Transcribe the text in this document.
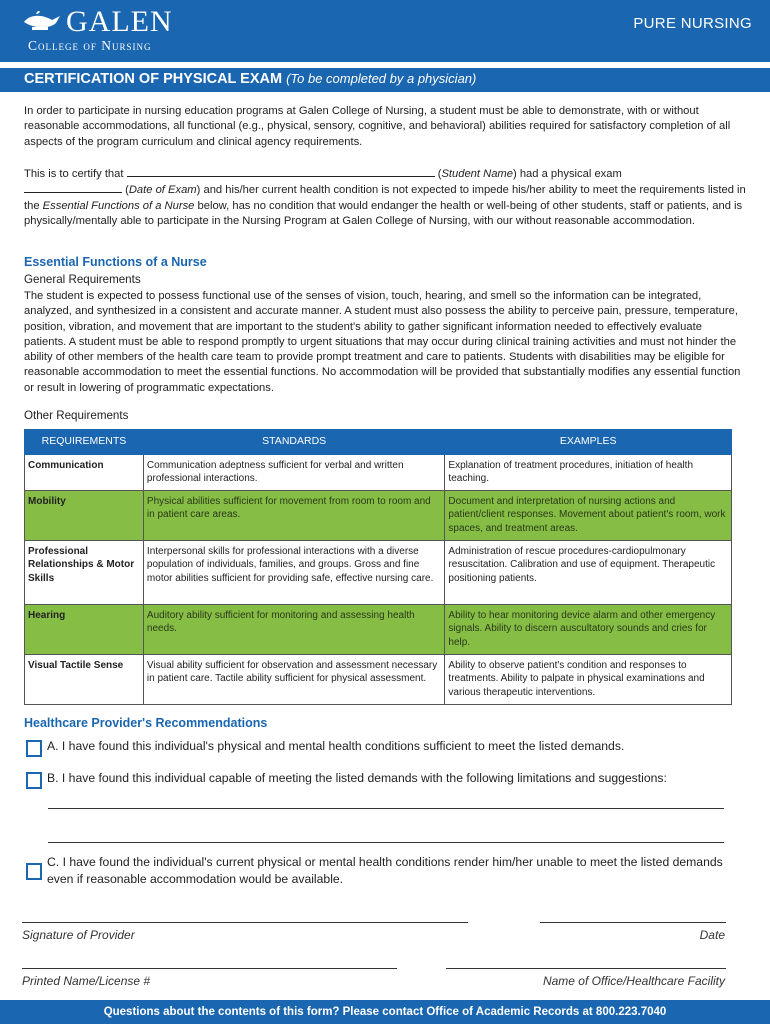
GALEN
College of Nursing
PURE NURSING
CERTIFICATION OF PHYSICAL EXAM (To be completed by a physician)
In order to participate in nursing education programs at Galen College of Nursing, a student must be able to demonstrate, with or without reasonable accommodations, all functional (e.g., physical, sensory, cognitive, and behavioral) abilities required for satisfactory completion of all aspects of the program curriculum and clinical agency requirements.
This is to certify that	(Student Name) had a physical exam
(Date of Exam) and his/her current health condition is not expected to impede his/her ability to meet the requirements listed in the Essential Functions of a Nurse below, has no condition that would endanger the health or well-being of other students, staff or patients, and is physically/mentally able to participate in the Nursing Program at Galen College of Nursing, with our without reasonable accommodation.
Essential Functions of a Nurse
General Requirements
The student is expected to possess functional use of the senses of vision, touch, hearing, and smell so the information can be integrated, analyzed, and synthesized in a consistent and accurate manner. A student must also possess the ability to perceive pain, pressure, temperature, position, vibration, and movement that are important to the student's ability to gather significant information needed to effectively evaluate patients. A student must be able to respond promptly to urgent situations that may occur during clinical training activities and must not hinder the ability of other members of the health care team to provide prompt treatment and care to patients. Students with disabilities may be eligible for reasonable accommodation to meet the essential functions. No accommodation will be provided that substantially modifies any essential function or result in lowering of programmatic expectations.
Other Requirements
REQUIREMENTS	STANDARDS	EXAMPLES
Communication	Communication adeptness sufficient for verbal and written professional interactions.	Explanation of treatment procedures, initiation of health teaching.
Mobility	Physical abilities sufficient for movement from room to room and in patient care areas.	Document and interpretation of nursing actions and patient/client responses. Movement about patient's room, work spaces, and treatment areas.
Professional Relationships & Motor Skills	Interpersonal skills for professional interactions with a diverse population of individuals, families, and groups. Gross and fine motor abilities sufficient for providing safe, effective nursing care.	Administration of rescue procedures-cardiopulmonary resuscitation. Calibration and use of equipment. Therapeutic positioning patients.
Hearing	Auditory ability sufficient for monitoring and assessing health needs.	Ability to hear monitoring device alarm and other emergency signals. Ability to discern auscultatory sounds and cries for help.
Visual Tactile Sense	Visual ability sufficient for observation and assessment necessary in patient care. Tactile ability sufficient for physical assessment.	Ability to observe patient's condition and responses to treatments. Ability to palpate in physical examinations and various therapeutic interventions.
Healthcare Provider's Recommendations
A. I have found this individual's physical and mental health conditions sufficient to meet the listed demands.
B. I have found this individual capable of meeting the listed demands with the following limitations and suggestions:
C. I have found the individual's current physical or mental health conditions render him/her unable to meet the listed demands even if reasonable accommodation would be available.
Signature of Provider	Date
Printed Name/License #	Name of Office/Healthcare Facility
Questions about the contents of this form? Please contact Office of Academic Records at 800.223.7040
